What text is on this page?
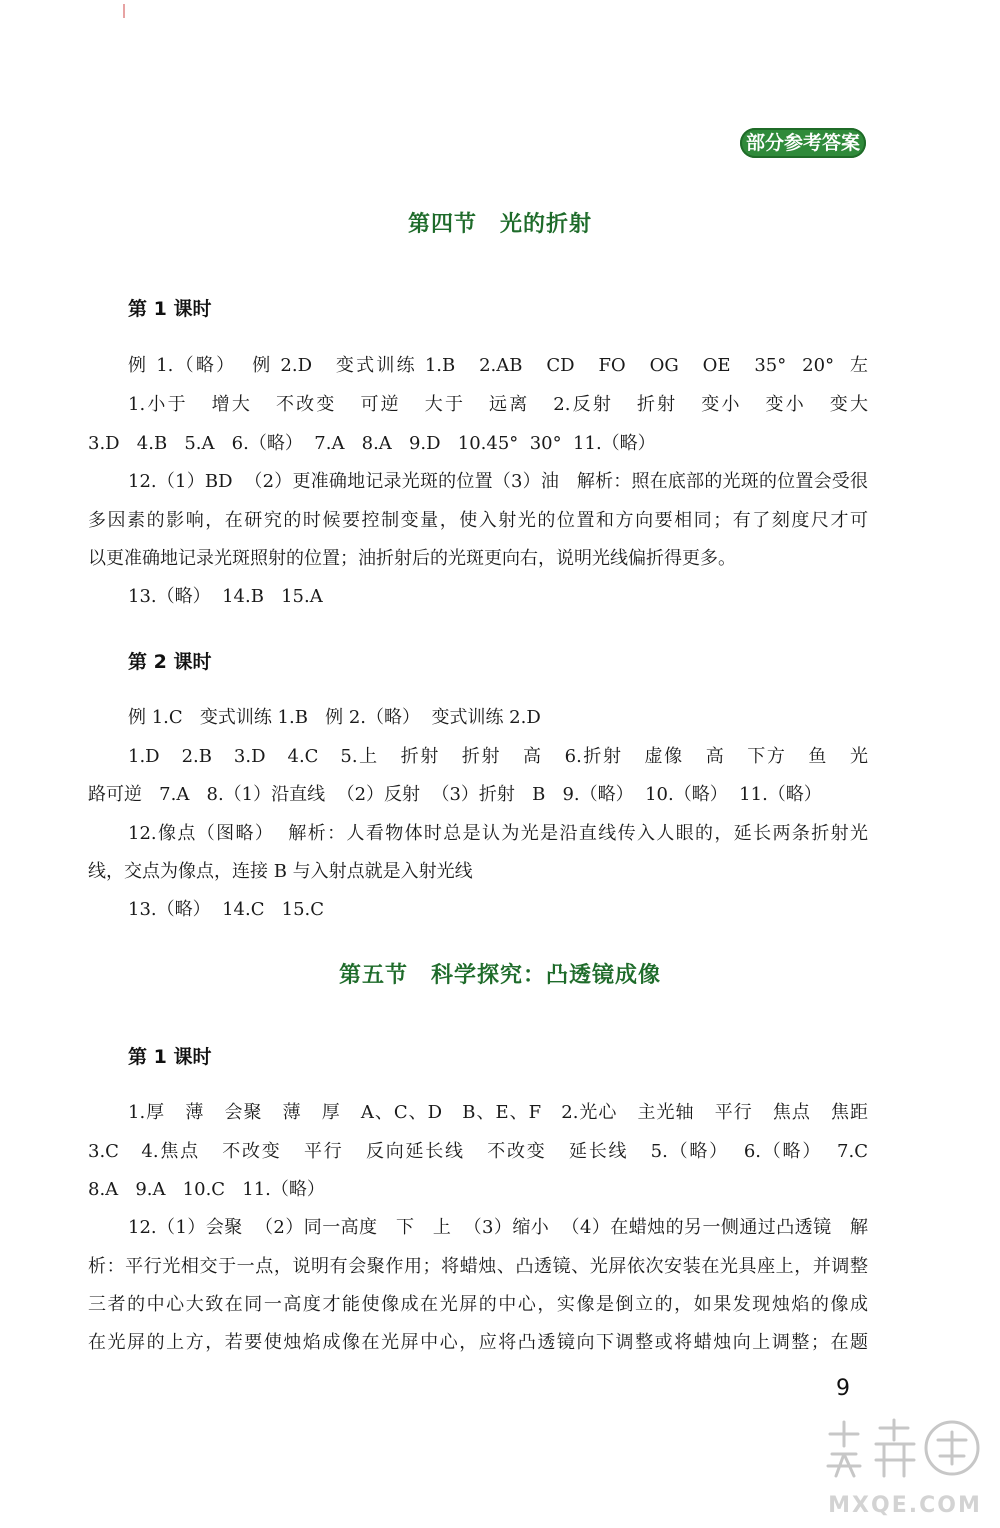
部分参考答案
第四节　光的折射
第 1 课时
例 1.（略）  例 2.D   变式训练 1.B   2.AB   CD   FO   OG   OE   35°  20°  左
1.小于   增大   不改变   可逆   大于   远离   2.反射   折射   变小   变小   变大
3.D   4.B   5.A   6.（略）  7.A   8.A   9.D   10.45°  30°  11.（略）
12.（1）BD  （2）更准确地记录光斑的位置（3）油   解析：照在底部的光斑的位置会受很
多因素的影响，在研究的时候要控制变量，使入射光的位置和方向要相同；有了刻度尺才可
以更准确地记录光斑照射的位置；油折射后的光斑更向右，说明光线偏折得更多。
13.（略）  14.B   15.A
第 2 课时
例 1.C   变式训练 1.B   例 2.（略）  变式训练 2.D
1.D   2.B   3.D   4.C   5.上   折射   折射   高   6.折射   虚像   高   下方   鱼   光
路可逆   7.A   8.（1）沿直线  （2）反射  （3）折射   B   9.（略）  10.（略）  11.（略）
12.像点（图略）  解析：人看物体时总是认为光是沿直线传入人眼的，延长两条折射光
线，交点为像点，连接 B 与入射点就是入射光线
13.（略）  14.C   15.C
第五节　科学探究：凸透镜成像
第 1 课时
1.厚   薄   会聚   薄   厚   A、C、D   B、E、F   2.光心   主光轴   平行   焦点   焦距
3.C   4.焦点   不改变   平行   反向延长线   不改变   延长线   5.（略）  6.（略）  7.C
8.A   9.A   10.C   11.（略）
12.（1）会聚  （2）同一高度   下   上  （3）缩小  （4）在蜡烛的另一侧通过凸透镜   解
析：平行光相交于一点，说明有会聚作用；将蜡烛、凸透镜、光屏依次安装在光具座上，并调整
三者的中心大致在同一高度才能使像成在光屏的中心，实像是倒立的，如果发现烛焰的像成
在光屏的上方，若要使烛焰成像在光屏中心，应将凸透镜向下调整或将蜡烛向上调整；在题
9
MXQE.COM
